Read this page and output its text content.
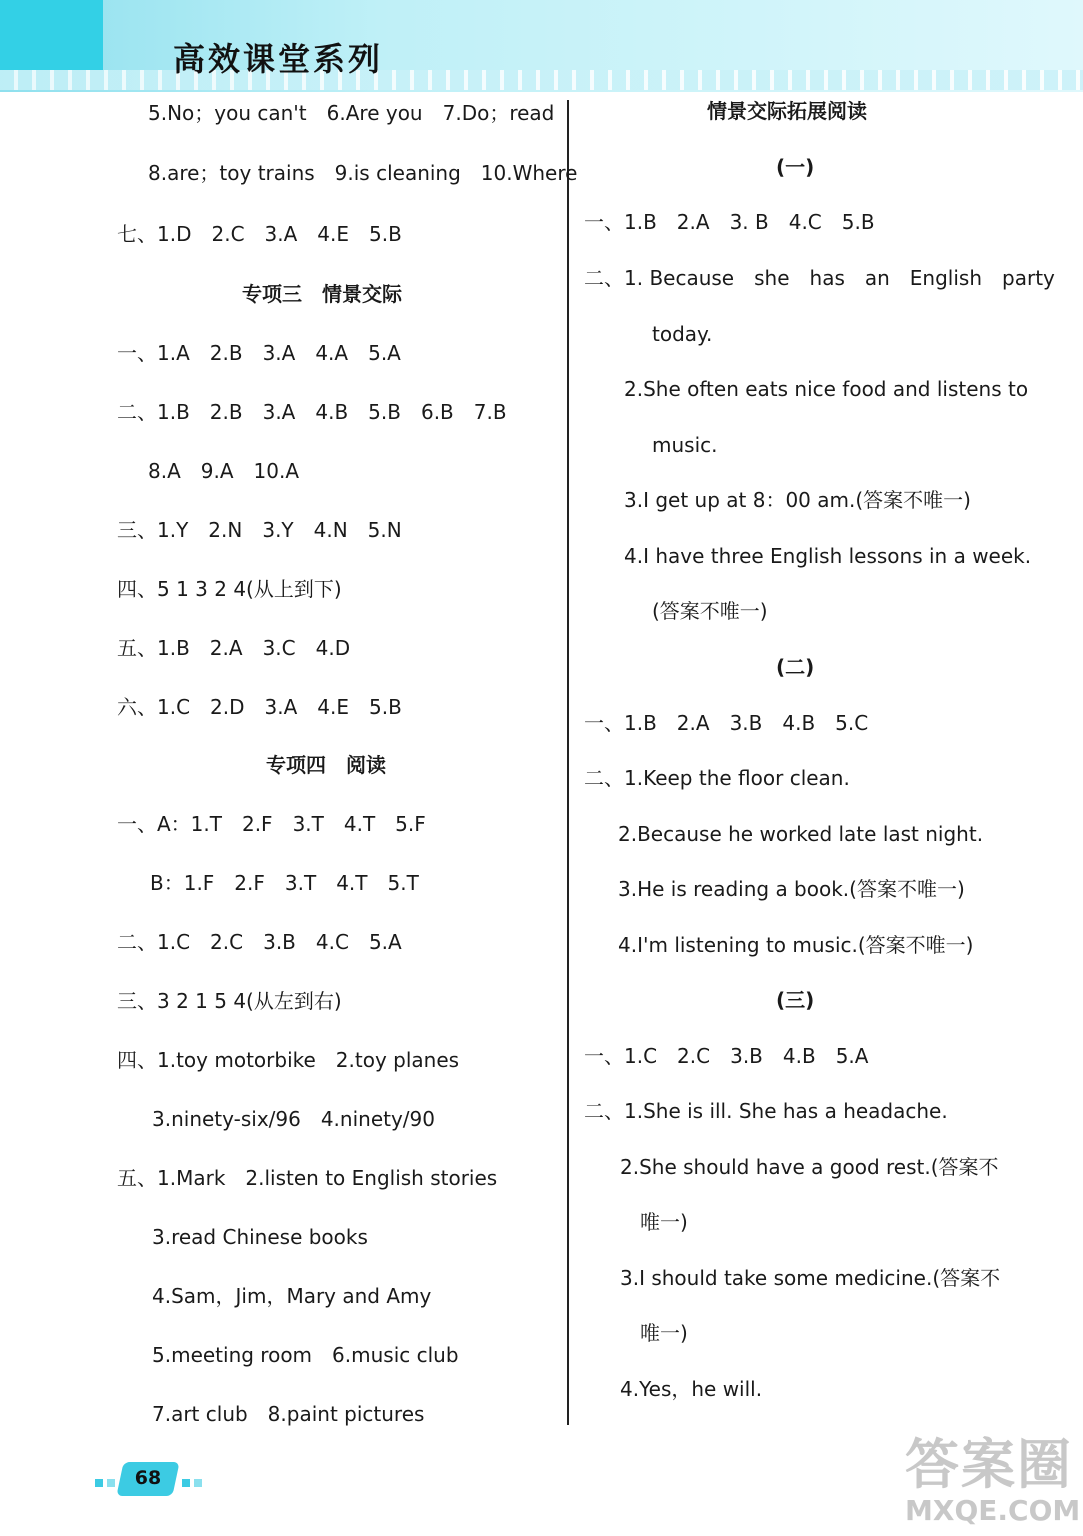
高效课堂系列
5.No；you can't　6.Are you　7.Do；read
8.are；toy trains　9.is cleaning　10.Where
七、1.D　2.C　3.A　4.E　5.B
专项三　情景交际
一、1.A　2.B　3.A　4.A　5.A
二、1.B　2.B　3.A　4.B　5.B　6.B　7.B
8.A　9.A　10.A
三、1.Y　2.N　3.Y　4.N　5.N
四、5 1 3 2 4(从上到下)
五、1.B　2.A　3.C　4.D
六、1.C　2.D　3.A　4.E　5.B
专项四　阅读
一、A：1.T　2.F　3.T　4.T　5.F
B：1.F　2.F　3.T　4.T　5.T
二、1.C　2.C　3.B　4.C　5.A
三、3 2 1 5 4(从左到右)
四、1.toy motorbike　2.toy planes
3.ninety-six/96　4.ninety/90
五、1.Mark　2.listen to English stories
3.read Chinese books
4.Sam，Jim，Mary and Amy
5.meeting room　6.music club
7.art club　8.paint pictures
情景交际拓展阅读
(一)
一、1.B　2.A　3. B　4.C　5.B
二、1. Because　she　has　an　English　party
today.
2.She often eats nice food and listens to
music.
3.I get up at 8：00 am.(答案不唯一)
4.I have three English lessons in a week.
(答案不唯一)
(二)
一、1.B　2.A　3.B　4.B　5.C
二、1.Keep the floor clean.
2.Because he worked late last night.
3.He is reading a book.(答案不唯一)
4.I'm listening to music.(答案不唯一)
(三)
一、1.C　2.C　3.B　4.B　5.A
二、1.She is ill. She has a headache.
2.She should have a good rest.(答案不
唯一)
3.I should take some medicine.(答案不
唯一)
4.Yes，he will.
68	答案圈
MXQE.COM
